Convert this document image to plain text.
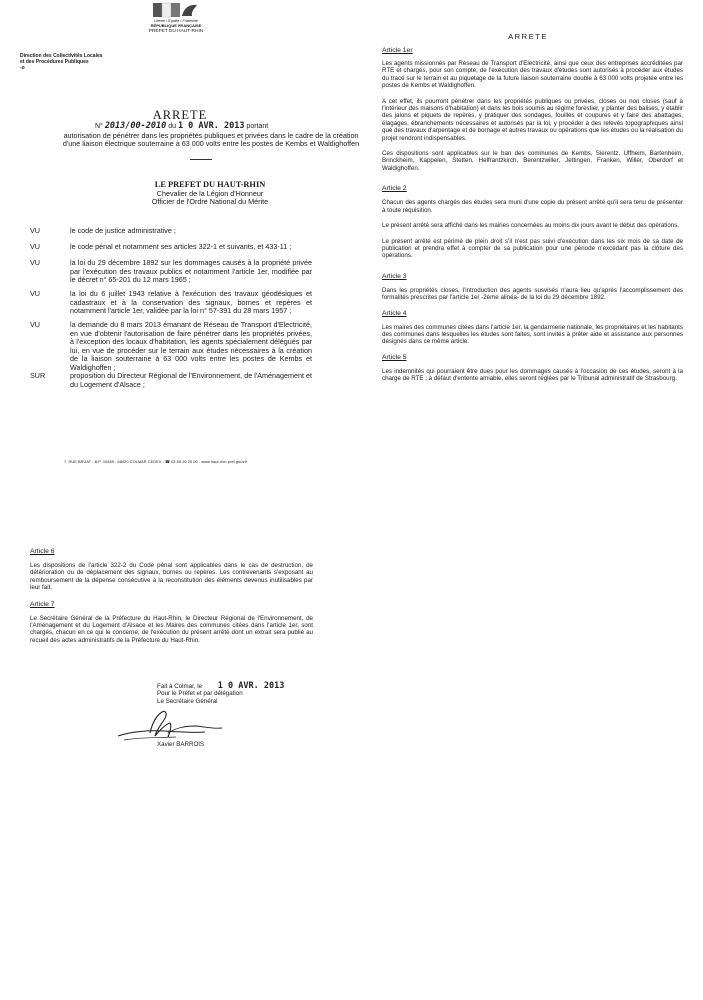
Liberté • Égalité • Fraternité
RÉPUBLIQUE FRANÇAISE
PREFET DU HAUT-RHIN
Direction des Collectivités Locales
et des Procédures Publiques
-o
ARRETE
N° 2013/00-2010 du 1 0 AVR. 2013 portant
autorisation de pénétrer dans les propriétés publiques et privées dans le cadre de la création d'une liaison électrique souterraine à 63 000 volts entre les postes de Kembs et Waldighoffen
LE PREFET DU HAUT-RHIN
Chevalier de la Légion d'Honneur
Officier de l'Ordre National du Mérite
VU	le code de justice administrative ;
VU	le code pénal et notamment ses articles 322-1 et suivants, et 433-11 ;
VU	la loi du 29 décembre 1892 sur les dommages causés à la propriété privée par l'exécution des travaux publics et notamment l'article 1er, modifiée par le décret n° 65-201 du 12 mars 1965 ;
VU	la loi du 6 juillet 1943 relative à l'exécution des travaux géodésiques et cadastraux et à la conservation des signaux, bornes et repères et notamment l'article 1er, validée par la loi n° 57-391 du 28 mars 1957 ;
VU	la demande du 8 mars 2013 émanant de Réseau de Transport d'Electricité, en vue d'obtenir l'autorisation de faire pénétrer dans les propriétés privées, à l'exception des locaux d'habitation, les agents spécialement délégués par lui, en vue de procéder sur le terrain aux études nécessaires à la création de la liaison souterraine à 63 000 volts entre les postes de Kembs et Waldighoffen ;
SUR	proposition du Directeur Régional de l'Environnement, de l'Aménagement et du Logement d'Alsace ;
7, RUE BRUAT - B.P. 10489 - 68020 COLMAR CEDEX - ☎ 03 89 29 20 00 - www.haut-rhin.pref.gouv.fr
ARRETE
Article 1er
Les agents missionnés par Réseau de Transport d'Electricité, ainsi que ceux des entreprises accréditées par RTE et chargés, pour son compte, de l'exécution des travaux d'études sont autorisés à procéder aux études du tracé sur le terrain et au piquetage de la future liaison souterraine double à 63 000 volts projetée entre les postes de Kembs et Waldighoffen.
A cet effet, ils pourront pénétrer dans les propriétés publiques ou privées, closes ou non closes (sauf à l'intérieur des maisons d'habitation) et dans les bois soumis au régime forestier, y planter des balises, y établir des jalons et piquets de repères, y pratiquer des sondages, fouilles et coupures et y faire des abattages, élagages, ébranchements nécessaires et autorisés par la loi, y procéder à des relevés topographiques ainsi que des travaux d'arpentage et de bornage et autres travaux ou opérations que les études ou la réalisation du projet rendront indispensables.
Ces dispositions sont applicables sur le ban des communes de Kembs, Sierentz, Uffheim, Bartenheim, Brinckheim, Kappelen, Stetten, Helfrantzkirch, Berentzwiller, Jettingen, Franken, Willer, Oberdorf et Waldighoffen.
Article 2
Chacun des agents chargés des études sera muni d'une copie du présent arrêté qu'il sera tenu de présenter à toute réquisition.
Le présent arrêté sera affiché dans les mairies concernées au moins dix jours avant le début des opérations.
Le présent arrêté est périmé de plein droit s'il n'est pas suivi d'exécution dans les six mois de sa date de publication et prendra effet à compter de sa publication pour une période n'excédant pas la clôture des opérations.
Article 3
Dans les propriétés closes, l'introduction des agents susvisés n'aura lieu qu'après l'accomplissement des formalités prescrites par l'article 1er -2ème alinéa- de la loi du 29 décembre 1892.
Article 4
Les maires des communes citées dans l'article 1er, la gendarmerie nationale, les propriétaires et les habitants des communes dans lesquelles les études sont faites, sont invités à prêter aide et assistance aux personnes désignés dans ce même article.
Article 5
Les indemnités qui pourraient être dues pour les dommages causés à l'occasion de ces études, seront à la charge de RTE ; à défaut d'entente amiable, elles seront réglées par le Tribunal administratif de Strasbourg.
Article 6
Les dispositions de l'article 322-2 du Code pénal sont applicables dans le cas de destruction, de détérioration ou de déplacement des signaux, bornes ou repères. Les contrevenants s'exposant au remboursement de la dépense consécutive à la reconstitution des éléments devenus inutilisables par leur fait.
Article 7
Le Secrétaire Général de la Préfecture du Haut-Rhin, le Directeur Régional de l'Environnement, de l'Aménagement et du Logement d'Alsace et les Maires des communes citées dans l'article 1er, sont chargés, chacun en ce qui le concerne, de l'exécution du présent arrêté dont un extrait sera publié au recueil des actes administratifs de la Préfecture du Haut-Rhin.
Fait à Colmar, le 1 0 AVR. 2013
Pour le Préfet et par délégation
Le Secrétaire Général
Xavier BARROIS
